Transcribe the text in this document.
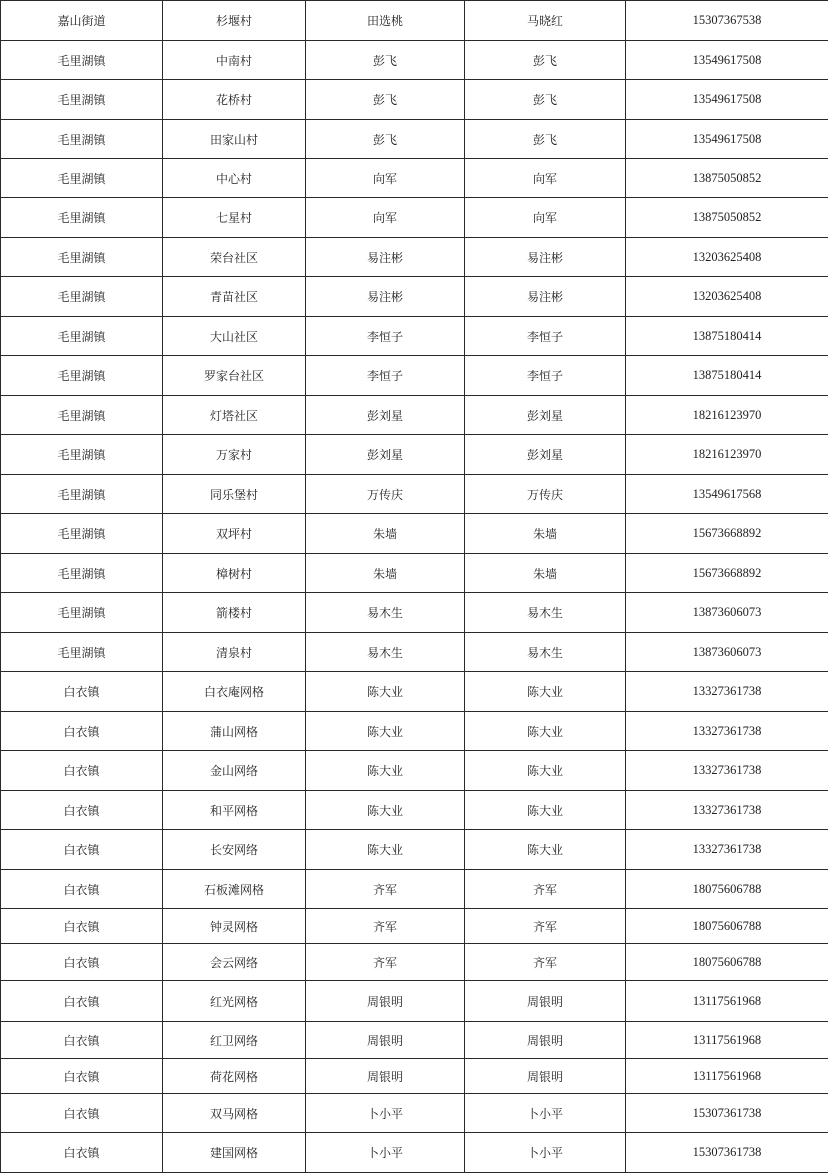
嘉山街道	杉堰村	田选桃	马晓红	15307367538
毛里湖镇	中南村	彭飞	彭飞	13549617508
毛里湖镇	花桥村	彭飞	彭飞	13549617508
毛里湖镇	田家山村	彭飞	彭飞	13549617508
毛里湖镇	中心村	向军	向军	13875050852
毛里湖镇	七星村	向军	向军	13875050852
毛里湖镇	荣台社区	易注彬	易注彬	13203625408
毛里湖镇	青苗社区	易注彬	易注彬	13203625408
毛里湖镇	大山社区	李恒子	李恒子	13875180414
毛里湖镇	罗家台社区	李恒子	李恒子	13875180414
毛里湖镇	灯塔社区	彭刘星	彭刘星	18216123970
毛里湖镇	万家村	彭刘星	彭刘星	18216123970
毛里湖镇	同乐堡村	万传庆	万传庆	13549617568
毛里湖镇	双坪村	朱墙	朱墙	15673668892
毛里湖镇	樟树村	朱墙	朱墙	15673668892
毛里湖镇	箭楼村	易木生	易木生	13873606073
毛里湖镇	清泉村	易木生	易木生	13873606073
白衣镇	白衣庵网格	陈大业	陈大业	13327361738
白衣镇	蒲山网格	陈大业	陈大业	13327361738
白衣镇	金山网络	陈大业	陈大业	13327361738
白衣镇	和平网格	陈大业	陈大业	13327361738
白衣镇	长安网络	陈大业	陈大业	13327361738
白衣镇	石板滩网格	齐军	齐军	18075606788
白衣镇	钟灵网格	齐军	齐军	18075606788
白衣镇	会云网络	齐军	齐军	18075606788
白衣镇	红光网格	周银明	周银明	13117561968
白衣镇	红卫网络	周银明	周银明	13117561968
白衣镇	荷花网格	周银明	周银明	13117561968
白衣镇	双马网格	卜小平	卜小平	15307361738
白衣镇	建国网格	卜小平	卜小平	15307361738
